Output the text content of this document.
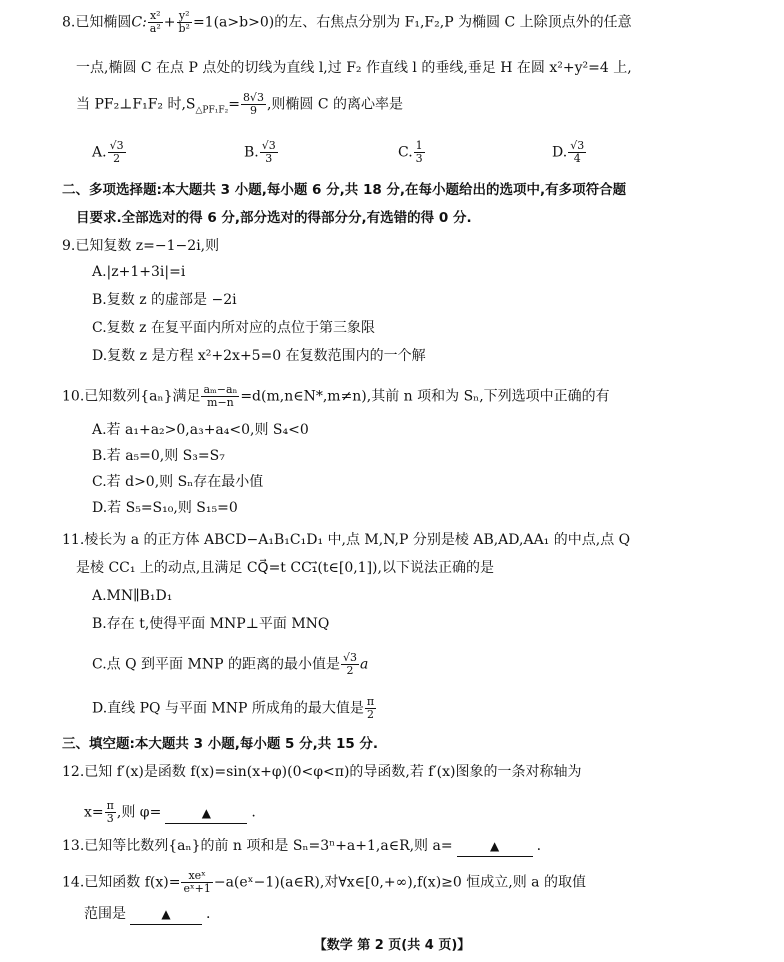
8.已知椭圆C: $\frac{\text{x²}}{\text{a²}} + \frac{\text{y²}}{\text{b²}} =1(a>b>0)$的左、右焦点分别为 F₁,F₂,P 为椭圆 C 上除顶点外的任意
一点,椭圆 C 在点 P 点处的切线为直线 l,过 F₂ 作直线 l 的垂线,垂足 H 在圆 x²+y²=4 上,
当 PF₂⊥F₁F₂ 时$,S_{\triangle PF_1F_2}= \frac{8√3}{9}$ ,则椭圆 C 的离心率是
A. $\frac{√3}{2}$	B. $\frac{√3}{3}$	C. $\frac{1}{3}$	D. $\frac{√3}{4}$
二、多项选择题:本大题共 3 小题,每小题 6 分,共 18 分,在每小题给出的选项中,有多项符合题
目要求.全部选对的得 6 分,部分选对的得部分分,有选错的得 0 分.
9.已知复数 z=−1−2i,则
A.|z+1+3i|=i
B.复数 z 的虚部是 −2i
C.复数 z 在复平面内所对应的点位于第三象限
D.复数 z 是方程 x²+2x+5=0 在复数范围内的一个解
10.已知数列{aₙ}满足 $\frac{\text{aₘ−aₙ}}{m-n}$ =d(m,n∈N*,m≠n),其前 n 项和为 Sₙ,下列选项中正确的有
A.若 a₁+a₂>0,a₃+a₄<0,则 S₄<0
B.若 a₅=0,则 S₃=S₇
C.若 d>0,则 Sₙ存在最小值
D.若 S₅=S₁₀,则 S₁₅=0
11.棱长为 a 的正方体 ABCD−A₁B₁C₁D₁ 中,点 M,N,P 分别是棱 AB,AD,AA₁ 的中点,点 Q
是棱 CC₁ 上的动点,且满足 CQ⃗=t CC₁⃗(t∈[0,1]),以下说法正确的是
A.MN∥B₁D₁
B.存在 t,使得平面 MNP⊥平面 MNQ
C.点 Q 到平面 MNP 的距离的最小值是 $\frac{√3}{2}$ a
D.直线 PQ 与平面 MNP 所成角的最大值是 $\frac{\pi}{2}$
三、填空题:本大题共 3 小题,每小题 5 分,共 15 分.
12.已知 f′(x)是函数 f(x)=sin(x+φ)(0<φ<π)的导函数,若 f′(x)图象的一条对称轴为
$x= \frac{\pi}{3}$ ,则 φ=	▲	.
13.已知等比数列{aₙ}的前 n 项和是 Sₙ=3ⁿ+a+1,a∈R,则 a=	▲	.
14.已知函数 $f(x)= \frac{\text{xeˣ}}{\text{eˣ+1}}$ −a(eˣ−1)(a∈R),对∀x∈[0,+∞),f(x)≥0 恒成立,则 a 的取值
范围是	▲	.
【数学 第 2 页(共 4 页)】
